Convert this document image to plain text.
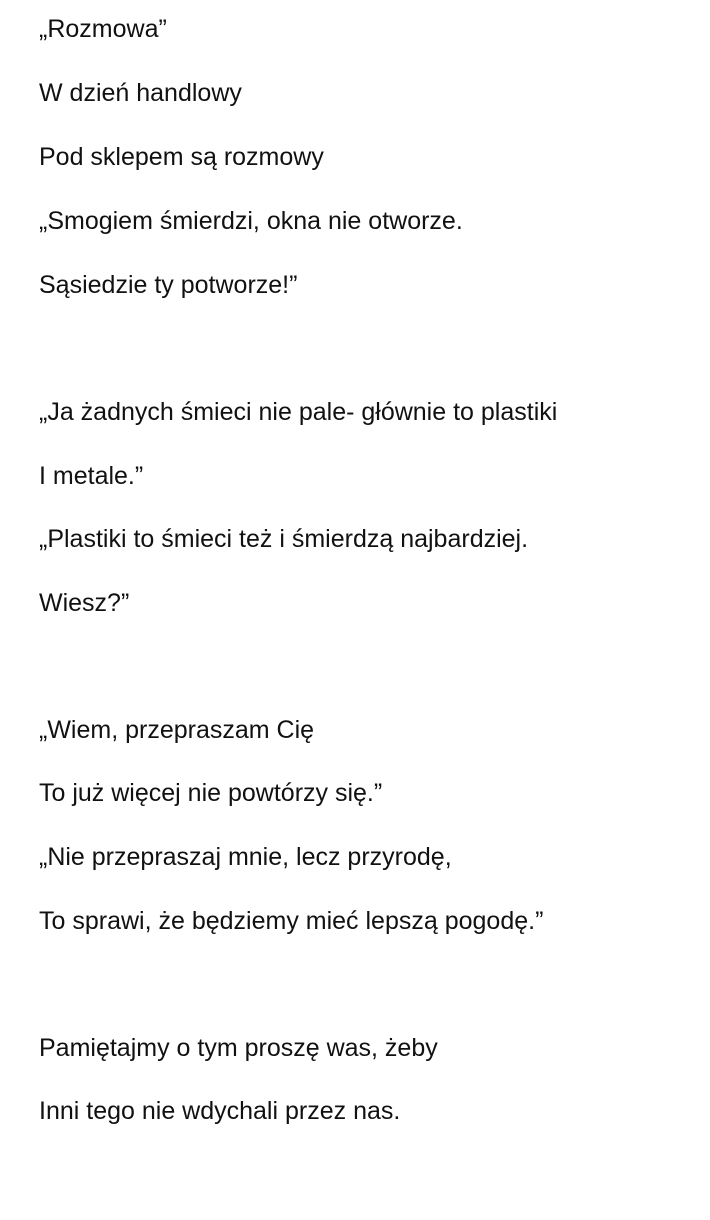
„Rozmowa”

W dzień handlowy

Pod sklepem są rozmowy

„Smogiem śmierdzi, okna nie otworze.

Sąsiedzie ty potworze!”

„Ja żadnych śmieci nie pale- głównie to plastiki

I metale.”

„Plastiki to śmieci też i śmierdzą najbardziej.

Wiesz?”

„Wiem, przepraszam Cię

To już więcej nie powtórzy się.”

„Nie przepraszaj mnie, lecz przyrodę,

To sprawi, że będziemy mieć lepszą pogodę.”

Pamiętajmy o tym proszę was, żeby

Inni tego nie wdychali przez nas.
